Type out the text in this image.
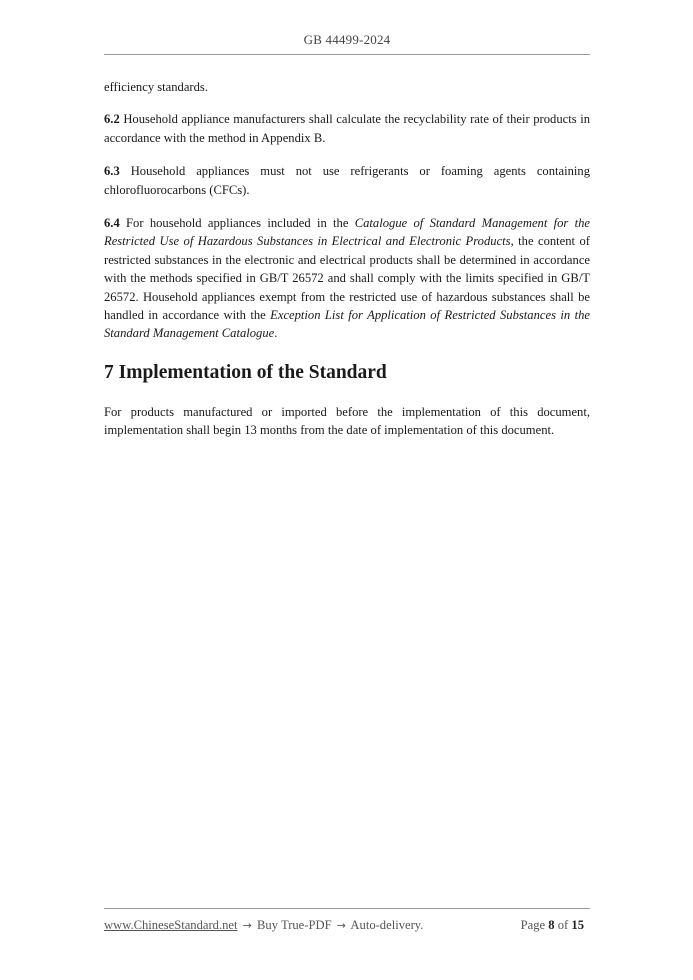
GB 44499-2024

efficiency standards.

6.2 Household appliance manufacturers shall calculate the recyclability rate of their products in accordance with the method in Appendix B.

6.3 Household appliances must not use refrigerants or foaming agents containing chlorofluorocarbons (CFCs).

6.4 For household appliances included in the Catalogue of Standard Management for the Restricted Use of Hazardous Substances in Electrical and Electronic Products, the content of restricted substances in the electronic and electrical products shall be determined in accordance with the methods specified in GB/T 26572 and shall comply with the limits specified in GB/T 26572. Household appliances exempt from the restricted use of hazardous substances shall be handled in accordance with the Exception List for Application of Restricted Substances in the Standard Management Catalogue.

7 Implementation of the Standard

For products manufactured or imported before the implementation of this document, implementation shall begin 13 months from the date of implementation of this document.

www.ChineseStandard.net → Buy True-PDF → Auto-delivery.	Page 8 of 15
